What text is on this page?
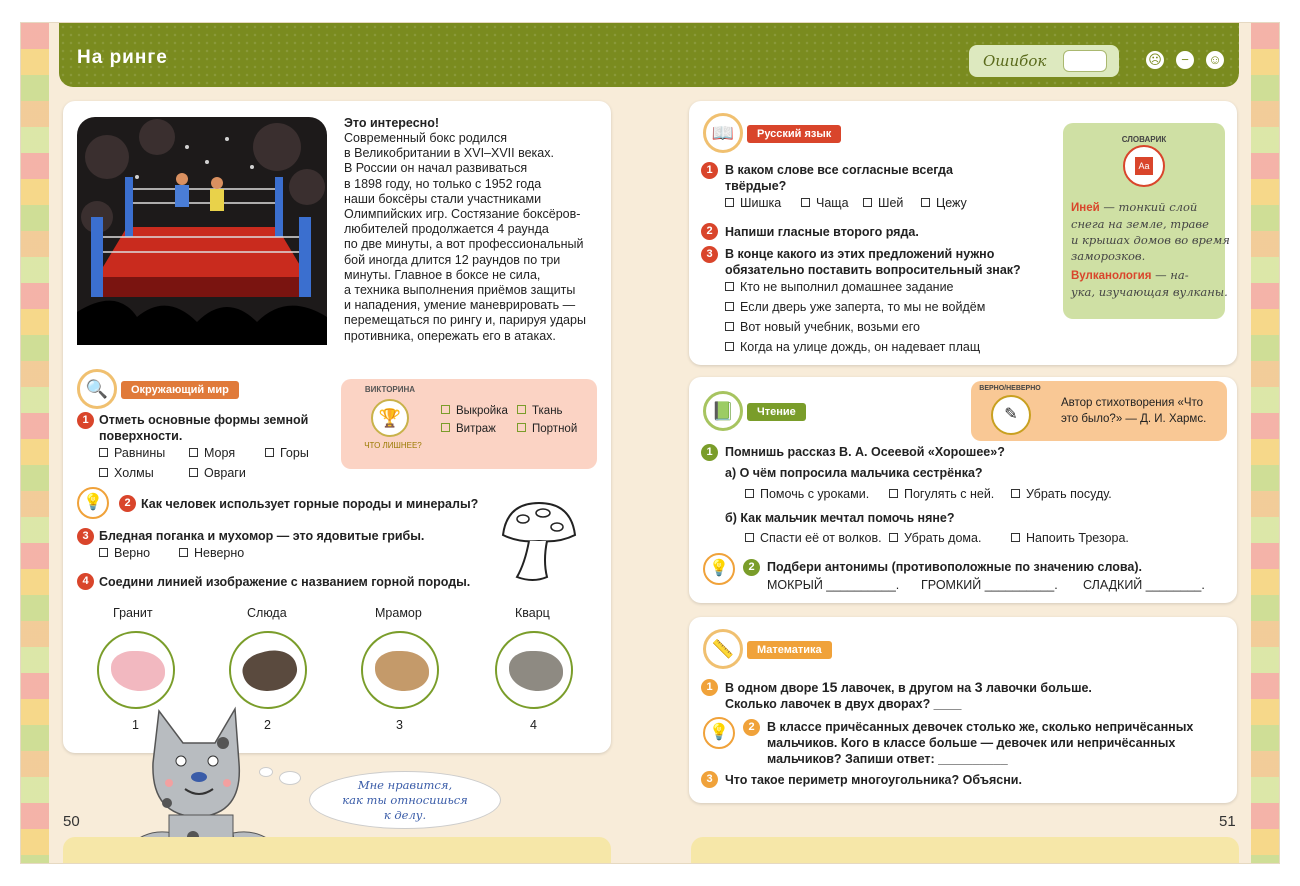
На ринге	Ошибок	☹	−	☺
Это интересно!
Современный бокс родился
в Великобритании в XVI–XVII веках.
В России он начал развиваться
в 1898 году, но только с 1952 года
наши боксёры стали участниками
Олимпийских игр. Состязание боксёров-
любителей продолжается 4 раунда
по две минуты, а вот профессиональный
бой иногда длится 12 раундов по три
минуты. Главное в боксе не сила,
а техника выполнения приёмов защиты
и нападения, умение маневрировать —
перемещаться по рингу и, парируя удары
противника, опережать его в атаках.
🔍	Окружающий мир
1 Отметь основные формы земной
поверхности.
Равнины	Моря	Горы
Холмы	Овраги
ВИКТОРИНА
🏆
ЧТО ЛИШНЕЕ?
Выкройка	Ткань
Витраж	Портной
💡	2 Как человек использует горные породы и минералы?
3 Бледная поганка и мухомор — это ядовитые грибы.
Верно	Неверно
4 Соедини линией изображение с названием горной породы.
Гранит	Слюда	Мрамор	Кварц
1	2	3	4
Мне нравится,
как ты относишься
к делу.
50	51
📖	Русский язык
1 В каком слове все согласные всегда
твёрдые?
Шишка	Чаща	Шей	Цежу
2 Напиши гласные второго ряда.
3 В конце какого из этих предложений нужно
обязательно поставить вопросительный знак?
Кто не выполнил домашнее задание
Если дверь уже заперта, то мы не войдём
Вот новый учебник, возьми его
Когда на улице дождь, он надевает плащ
СЛОВАРИК
Аа
Иней — тонкий слой
снега на земле, траве
и крышах домов во время
заморозков.
Вулканология — на-
ука, изучающая вулканы.
📗	Чтение
ВЕРНО/НЕВЕРНО
✎
Автор стихотворения «Что
это было?» — Д. И. Хармс.
1 Помнишь рассказ В. А. Осеевой «Хорошее»?
а) О чём попросила мальчика сестрёнка?
Помочь с уроками.	Погулять с ней.	Убрать посуду.
б) Как мальчик мечтал помочь няне?
Спасти её от волков.	Убрать дома.	Напоить Трезора.
💡	2 Подбери антонимы (противоположные по значению слова).
МОКРЫЙ __________. ГРОМКИЙ __________. СЛАДКИЙ ________.
📏	Математика
1 В одном дворе 15 лавочек, в другом на 3 лавочки больше.
Сколько лавочек в двух дворах? ____
💡	2 В классе причёсанных девочек столько же, сколько непричёсанных
мальчиков. Кого в классе больше — девочек или непричёсанных
мальчиков? Запиши ответ: __________
3 Что такое периметр многоугольника? Объясни.
